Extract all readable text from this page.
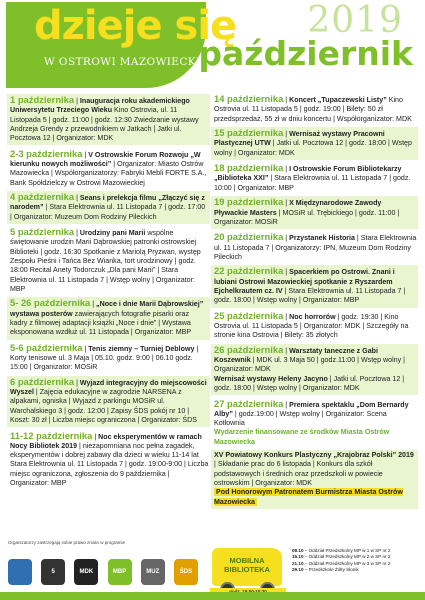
dzieje się
W OSTROWI MAZOWIECKIEJ
2019
październik
1 października | Inauguracja roku akademickiego Uniwersytetu Trzeciego Wieku Kino Ostrovia, ul. 11 Listopada 5 | godz. 11:00 | godz. 12:30 Zwiedzanie wystawy Andrzeja Grendy z przewodnikiem w Jatkach | Jatki ul. Pocztowa 12 | Organizator: MDK
2-3 października | V Ostrowskie Forum Rozwoju „W kierunku nowych możliwości” | Organizator: Miasto Ostrów Mazowiecka | Współorganizatorzy: Fabryki Mebli FORTE S.A., Bank Spółdzielczy w Ostrowi Mazowieckiej
4 października | Seans i prelekcja filmu „Złączyć się z narodem” | Stara Elektrownia ul. 11 Listopada 7 | godz. 17:00 | Organizator: Muzeum Dom Rodziny Pileckich
5 października | Urodziny pani Marii wspólne świętowanie urodzin Marii Dąbrowskiej patronki ostrowskiej Biblioteki | godz. 16:30 Spotkanie z Mariolą Pryzwan, występ Zespołu Pieśni i Tańca Bez Wianka, tort urodzinowy | godz. 18:00 Recital Anety Todorczuk „Dla pani Marii” | Stara Elektrownia ul. 11 Listopada 7 | Wstęp wolny | Organizator: MBP
5- 26 października | „Noce i dnie Marii Dąbrowskiej” wystawa posterów zawierających fotografie pisarki oraz kadry z filmowej adaptacji książki „Noce i dnie” | Wystawa eksponowana wzdłuż ul. 11 Listopada | Organizator: MBP
5-6 października | Tenis ziemny – Turniej Deblowy | Korty tenisowe ul. 3 Maja | 05.10. godz. 9:00 | 06.10 godz. 15:00 | Organizator: MOSiR
6 października | Wyjazd integracyjny do miejscowości Wyszel | Zajęcia edukacyjne w zagrodzie NARSENA z alpakami, ogniska | Wyjazd z parkingu MOSiR ul. Warchalskiego 3 | godz. 12:00 | Zapisy ŚDS pokój nr 10 | Koszt: 30 zł | Liczba miejsc ograniczona | Organizator: ŚDS
11-12 października | Noc eksperymentów w ramach Nocy Bibliotek 2019 | niezapomniana noc pełna zagadek, eksperymentów i dobrej zabawy dla dzieci w wieku 11-14 lat Stara Elektrownia ul. 11 Listopada 7 | godz. 19:00-9:00 | Liczba miejsc ograniczona, zgłoszenia do 9 października | Organizator: MBP
14 października | Koncert „Tupaczewski Listy” Kino Ostrovia ul. 11 Listopada 5 | godz. 19:00 | Bilety: 50 zł przedsprzedaż, 55 zł w dniu koncertu | Współorganizator: MDK
15 października | Wernisaż wystawy Pracowni Plastycznej UTW | Jatki ul. Pocztowa 12 | godz. 18:00 | Wstęp wolny | Organizator: MDK
18 października | I Ostrowskie Forum Bibliotekarzy „Biblioteka XXI” | Stara Elektrownia ul. 11 Listopada 7 | godz. 10:00 | Organizator: MBP
19 października | X Międzynarodowe Zawody Pływackie Masters | MOSiR ul. Trębickiego | godz. 11:00 | Organizator: MOSiR
20 października | Przystanek Historia | Stara Elektrownia ul. 11 Listopada 7 | Organizatorzy: IPN, Muzeum Dom Rodziny Pileckich
22 października | Spacerkiem po Ostrowi. Znani i lubiani Ostrowi Mazowieckiej spotkanie z Ryszardem Ejchelkrautem cz. IV | Stara Elektrownia ul. 11 Listopada 7 | godz. 18:00 | Wstęp wolny | Organizator: MBP
25 października | Noc horrorów | godz. 19:30 | Kino Ostrovia ul. 11 Listopada 5 | Organizator: MDK | Szczegóły na stronie kina Ostrovia | Bilety: 35 złotych
26 października | Warsztaty taneczne z Gabi Koszewnik | MDK ul. 3 Maja 50 | godz.11:00 | Wstęp wolny | Organizator: MDK
Wernisaż wystawy Heleny Jacyno | Jatki ul. Pocztowa 12 | godz. 18:00 | Wstęp wolny | Organizator: MDK
27 października | Premiera spektaklu „Dom Bernardy Alby” | godz.19:00 | Wstęp wolny | Organizator: Scena Kotłownia
Wydarzenie finansowane ze środków Miasta Ostrów Mazowiecka
XV Powiatowy Konkurs Plastyczny „Krajobraz Polski” 2019 | Składanie prac do 6 listopada | Konkurs dla szkół podstawowych i średnich oraz przedszkoli w powiecie ostrowskim | Organizator: MDK
Pod Honorowym Patronatem Burmistrza Miasta Ostrów Mazowiecka
Organizatorzy zastrzegają sobie prawo zmian w programie
5	MDK	MBP	MUZ	ŚDS
MOBILNA BIBLIOTEKA
08.10 – Oddział Przedszkolny MP w 1 w SP nr 2
15.10 – Oddział Przedszkolny MP w 2 w SP nr 2
21.10 – Oddział Przedszkolny MP w 3 w SP nr 2
29.10 – Przedszkole Żółty Słonik
